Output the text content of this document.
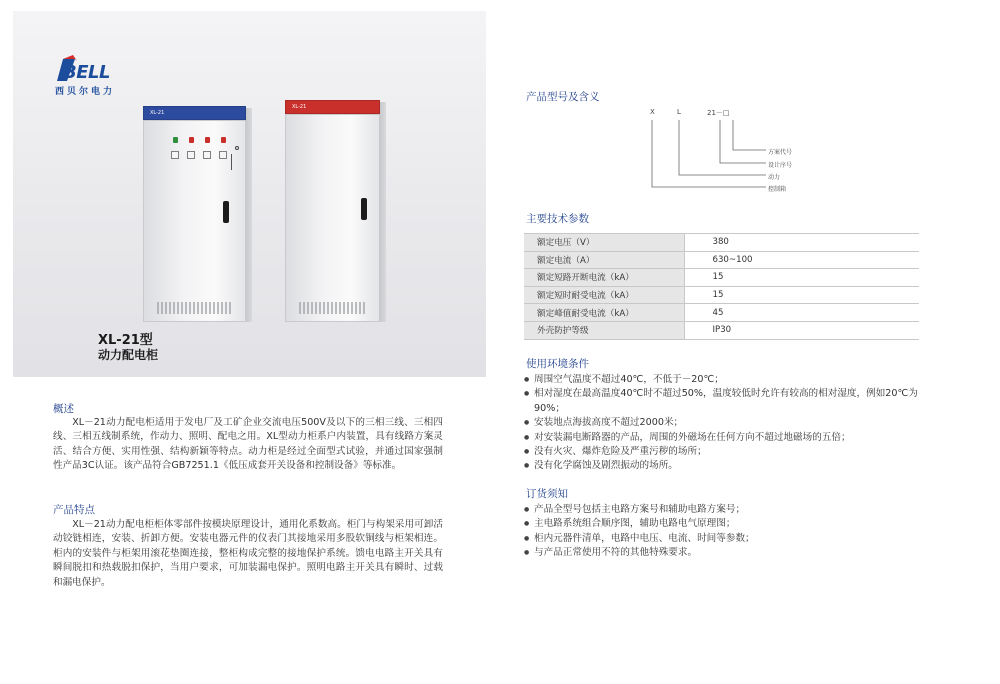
BELL
西贝尔电力
XL-21
XL-21
XL-21型
动力配电柜
概述

XL－21动力配电柜适用于发电厂及工矿企业交流电压500V及以下的三相三线、三相四线、三相五线制系统，作动力、照明、配电之用。XL型动力柜系户内装置，具有线路方案灵活、结合方便、实用性强、结构新颖等特点。动力柜是经过全面型式试验，并通过国家强制性产品3C认证。该产品符合GB7251.1《低压成套开关设备和控制设备》等标准。

产品特点

XL－21动力配电柜柜体零部件按模块原理设计，通用化系数高。柜门与构架采用可卸活动铰链相连，安装、折卸方便。安装电器元件的仪表门其接地采用多股软铜线与柜架相连。柜内的安装件与柜架用滚花垫圈连接，整柜构成完整的接地保护系统。馈电电路主开关具有瞬间脱扣和热载脱扣保护，当用户要求，可加装漏电保护。照明电路主开关具有瞬时、过载和漏电保护。

产品型号及含义
X	L	21－□
方案代号
设计序号
动力
控制箱
主要技术参数
额定电压（V）	380
额定电流（A）	630~100
额定短路开断电流（kA）	15
额定短时耐受电流（kA）	15
额定峰值耐受电流（kA）	45
外壳防护等级	IP30
使用环境条件
● 周围空气温度不超过40℃，不低于－20℃；
● 相对湿度在最高温度40℃时不超过50%，温度较低时允许有较高的相对湿度，例如20℃为90%；
● 安装地点海拔高度不超过2000米；
● 对安装漏电断路器的产品，周围的外磁场在任何方向不超过地磁场的五倍；
● 没有火灾、爆炸危险及严重污秽的场所；
● 没有化学腐蚀及剧烈振动的场所。
订货须知
● 产品全型号包括主电路方案号和辅助电路方案号；
● 主电路系统组合顺序图，辅助电路电气原理图；
● 柜内元器件清单，电路中电压、电流、时间等参数；
● 与产品正常使用不符的其他特殊要求。
